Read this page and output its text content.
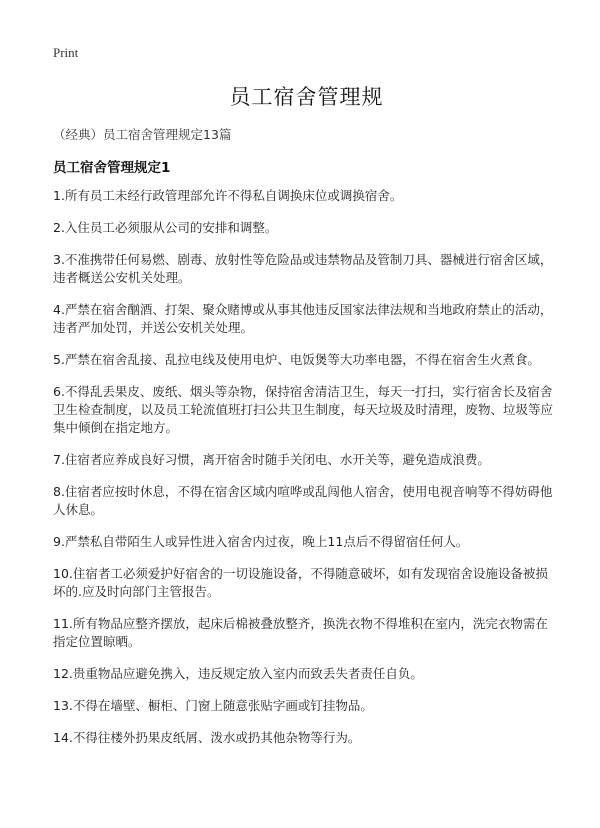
Print
员工宿舍管理规

（经典）员工宿舍管理规定13篇

员工宿舍管理规定1
1.所有员工未经行政管理部允许不得私自调换床位或调换宿舍。
2.入住员工必须服从公司的安排和调整。
3.不准携带任何易燃、剧毒、放射性等危险品或违禁物品及管制刀具、器械进行宿舍区域，违者概送公安机关处理。
4.严禁在宿舍酗酒、打架、聚众赌博或从事其他违反国家法律法规和当地政府禁止的活动，违者严加处罚，并送公安机关处理。
5.严禁在宿舍乱接、乱拉电线及使用电炉、电饭煲等大功率电器，不得在宿舍生火煮食。
6.不得乱丢果皮、废纸、烟头等杂物，保持宿舍清洁卫生，每天一打扫，实行宿舍长及宿舍卫生检查制度，以及员工轮流值班打扫公共卫生制度，每天垃圾及时清理，废物、垃圾等应集中倾倒在指定地方。
7.住宿者应养成良好习惯，离开宿舍时随手关闭电、水开关等，避免造成浪费。
8.住宿者应按时休息，不得在宿舍区域内喧哗或乱闯他人宿舍，使用电视音响等不得妨碍他人休息。
9.严禁私自带陌生人或异性进入宿舍内过夜，晚上11点后不得留宿任何人。
10.住宿者工必须爱护好宿舍的一切设施设备，不得随意破坏，如有发现宿舍设施设备被损坏的.应及时向部门主管报告。
11.所有物品应整齐摆放，起床后棉被叠放整齐，换洗衣物不得堆积在室内，洗完衣物需在指定位置晾晒。
12.贵重物品应避免携入，违反规定放入室内而致丢失者责任自负。
13.不得在墙壁、橱柜、门窗上随意张贴字画或钉挂物品。
14.不得往楼外扔果皮纸屑、泼水或扔其他杂物等行为。
